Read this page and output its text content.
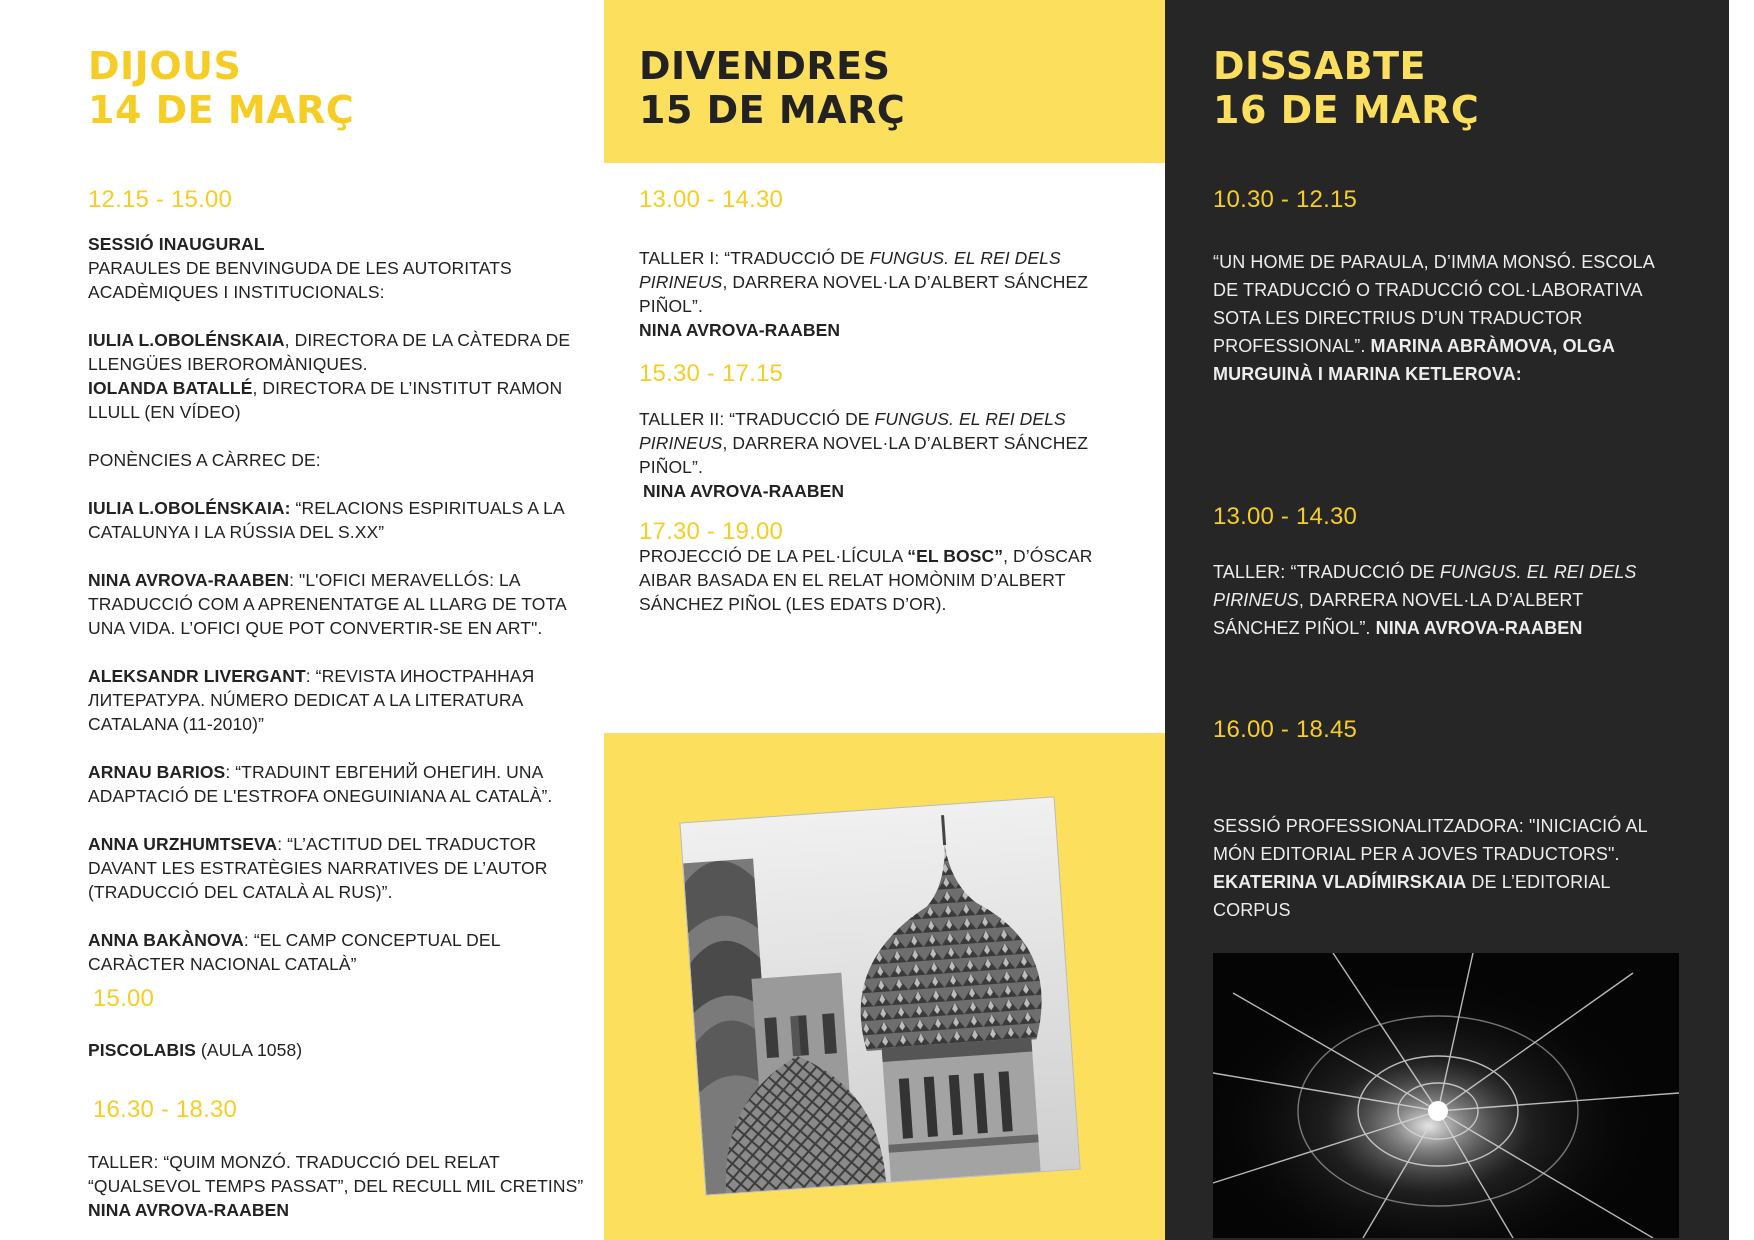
DIJOUS
14 DE MARÇ
12.15 - 15.00

SESSIÓ INAUGURAL

PARAULES DE BENVINGUDA DE LES AUTORITATS ACADÈMIQUES I INSTITUCIONALS:

IULIA L.OBOLÉNSKAIA, DIRECTORA DE LA CÀTEDRA DE LLENGÜES IBEROROMÀNIQUES.

IOLANDA BATALLÉ, DIRECTORA DE L’INSTITUT RAMON LLULL (EN VÍDEO)

PONÈNCIES A CÀRREC DE:

IULIA L.OBOLÉNSKAIA: “RELACIONS ESPIRITUALS A LA CATALUNYA I LA RÚSSIA DEL S.XX”

NINA AVROVA-RAABEN: "L'OFICI MERAVELLÓS: LA TRADUCCIÓ COM A APRENENTATGE AL LLARG DE TOTA UNA VIDA. L’OFICI QUE POT CONVERTIR-SE EN ART".

ALEKSANDR LIVERGANT: “REVISTA ИНОСТРАННАЯ ЛИТЕРАТУРА. NÚMERO DEDICAT A LA LITERATURA CATALANA (11-2010)”

ARNAU BARIOS: “TRADUINT ЕВГЕНИЙ ОНЕГИН. UNA ADAPTACIÓ DE L'ESTROFA ONEGUINIANA AL CATALÀ”.

ANNA URZHUMTSEVA: “L’ACTITUD DEL TRADUCTOR DAVANT LES ESTRATÈGIES NARRATIVES DE L’AUTOR (TRADUCCIÓ DEL CATALÀ AL RUS)”.

ANNA BAKÀNOVA: “EL CAMP CONCEPTUAL DEL CARÀCTER NACIONAL CATALÀ”

15.00

PISCOLABIS (AULA 1058)

16.30 - 18.30

TALLER: “QUIM MONZÓ. TRADUCCIÓ DEL RELAT “QUALSEVOL TEMPS PASSAT”, DEL RECULL MIL CRETINS”

NINA AVROVA-RAABEN

DIVENDRES
15 DE MARÇ
13.00 - 14.30

TALLER I: “TRADUCCIÓ DE FUNGUS. EL REI DELS PIRINEUS, DARRERA NOVEL·LA D’ALBERT SÁNCHEZ PIÑOL”.

NINA AVROVA-RAABEN

15.30 - 17.15

TALLER II: “TRADUCCIÓ DE FUNGUS. EL REI DELS PIRINEUS, DARRERA NOVEL·LA D’ALBERT SÁNCHEZ PIÑOL”.

NINA AVROVA-RAABEN

17.30 - 19.00

PROJECCIÓ DE LA PEL·LÍCULA “EL BOSC”, D’ÓSCAR AIBAR BASADA EN EL RELAT HOMÒNIM D’ALBERT SÁNCHEZ PIÑOL (LES EDATS D’OR).

DISSABTE
16 DE MARÇ
10.30 - 12.15

“UN HOME DE PARAULA, D’IMMA MONSÓ. ESCOLA DE TRADUCCIÓ O TRADUCCIÓ COL·LABORATIVA SOTA LES DIRECTRIUS D’UN TRADUCTOR PROFESSIONAL”. MARINA ABRÀMOVA, OLGA MURGUINÀ I MARINA KETLEROVA:

13.00 - 14.30

TALLER: “TRADUCCIÓ DE FUNGUS. EL REI DELS PIRINEUS, DARRERA NOVEL·LA D’ALBERT SÁNCHEZ PIÑOL”. NINA AVROVA-RAABEN

16.00 - 18.45

SESSIÓ PROFESSIONALITZADORA: "INICIACIÓ AL MÓN EDITORIAL PER A JOVES TRADUCTORS". EKATERINA VLADÍMIRSKAIA DE L’EDITORIAL CORPUS
